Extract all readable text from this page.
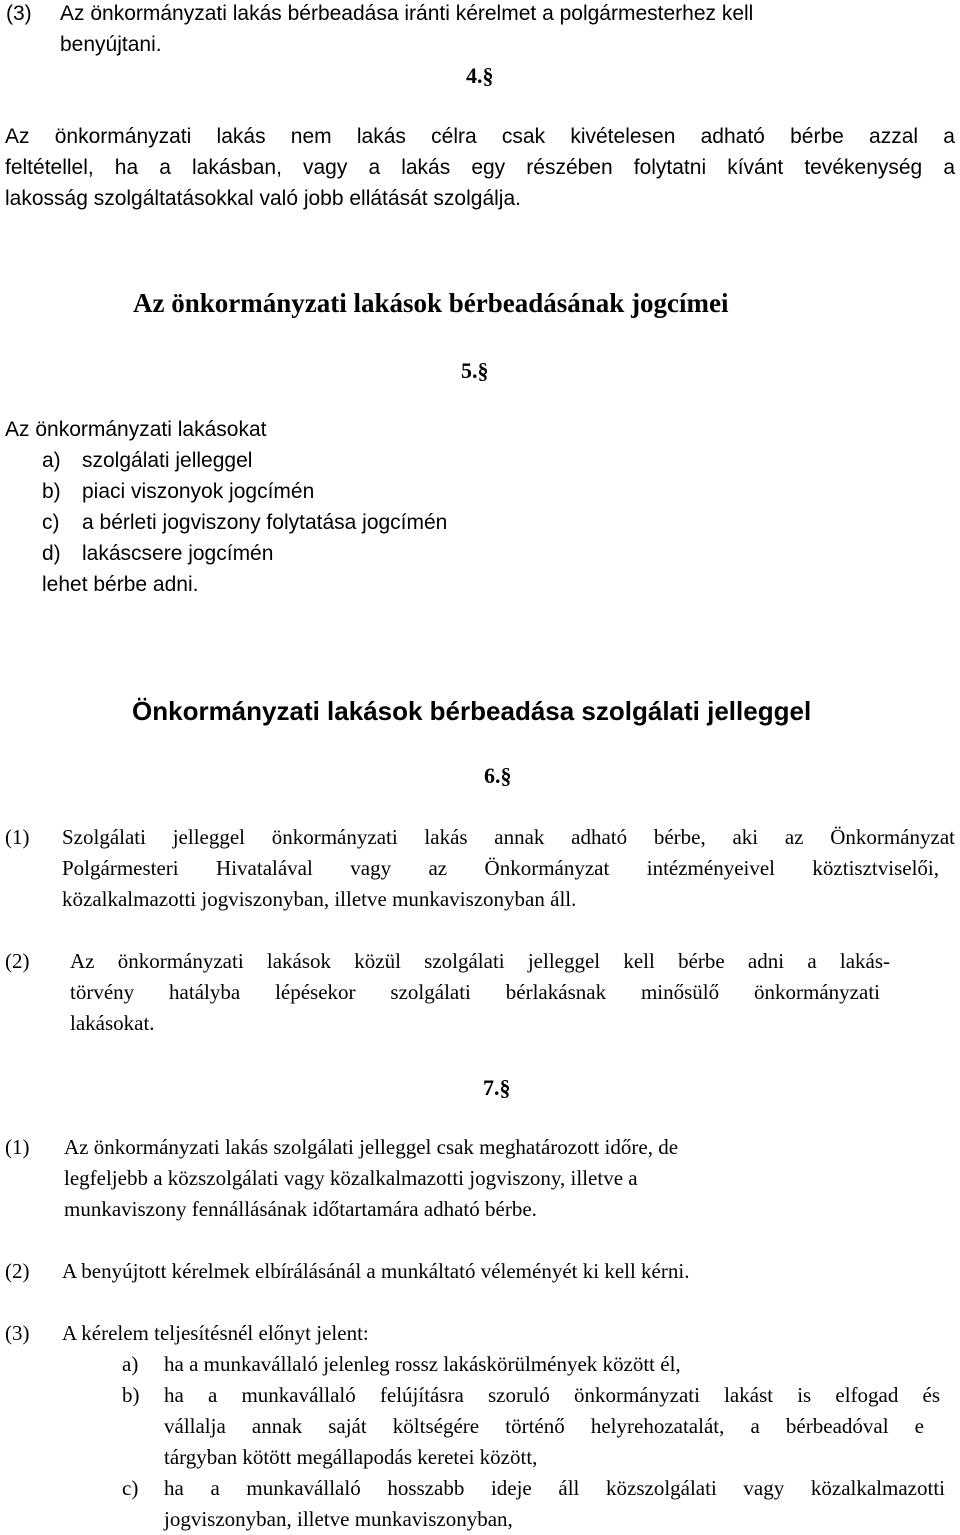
(3) Az önkormányzati lakás bérbeadása iránti kérelmet a polgármesterhez kell
benyújtani.
4.§
Az önkormányzati lakás nem lakás célra csak kivételesen adható bérbe azzal a
feltétellel, ha a lakásban, vagy a lakás egy részében folytatni kívánt tevékenység a
lakosság szolgáltatásokkal való jobb ellátását szolgálja.
Az önkormányzati lakások bérbeadásának jogcímei
5.§
Az önkormányzati lakásokat
a) szolgálati jelleggel
b) piaci viszonyok jogcímén
c) a bérleti jogviszony folytatása jogcímén
d) lakáscsere jogcímén
lehet bérbe adni.
Önkormányzati lakások bérbeadása szolgálati jelleggel
6.§
(1) Szolgálati jelleggel önkormányzati lakás annak adható bérbe, aki az Önkormányzat
Polgármesteri Hivatalával vagy az Önkormányzat intézményeivel köztisztviselői,
közalkalmazotti jogviszonyban, illetve munkaviszonyban áll.
(2) Az önkormányzati lakások közül szolgálati jelleggel kell bérbe adni a lakás-
törvény hatályba lépésekor szolgálati bérlakásnak minősülő önkormányzati
lakásokat.
7.§
(1) Az önkormányzati lakás szolgálati jelleggel csak meghatározott időre, de
legfeljebb a közszolgálati vagy közalkalmazotti jogviszony, illetve a
munkaviszony fennállásának időtartamára adható bérbe.
(2) A benyújtott kérelmek elbírálásánál a munkáltató véleményét ki kell kérni.
(3) A kérelem teljesítésnél előnyt jelent:
a) ha a munkavállaló jelenleg rossz lakáskörülmények között él,
b) ha a munkavállaló felújításra szoruló önkormányzati lakást is elfogad és
vállalja annak saját költségére történő helyrehozatalát, a bérbeadóval e
tárgyban kötött megállapodás keretei között,
c) ha a munkavállaló hosszabb ideje áll közszolgálati vagy közalkalmazotti
jogviszonyban, illetve munkaviszonyban,
